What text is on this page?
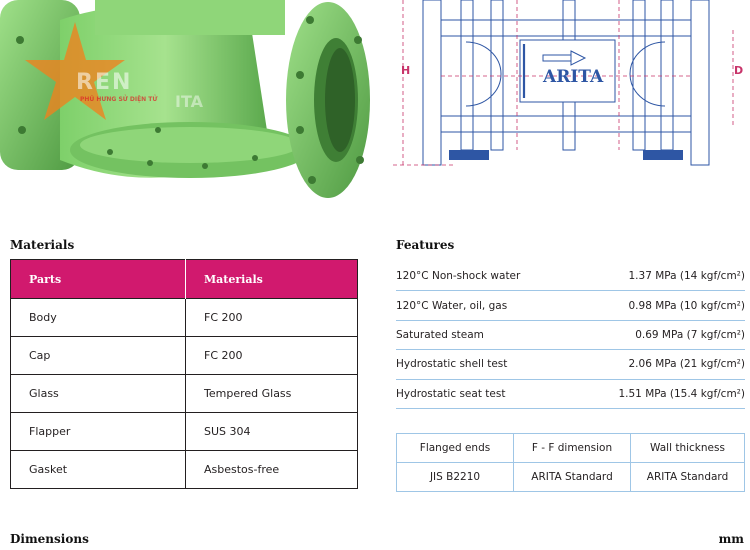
REN
PHÚ HƯNG SỬ DIỆN TỬ ITA
ARITA
H	D
Materials
Parts	Materials
Body	FC 200
Cap	FC 200
Glass	Tempered Glass
Flapper	SUS 304
Gasket	Asbestos-free
Features
120°C Non-shock water	1.37 MPa (14 kgf/cm²)
120°C Water, oil, gas	0.98 MPa (10 kgf/cm²)
Saturated steam	0.69 MPa (7 kgf/cm²)
Hydrostatic shell test	2.06 MPa (21 kgf/cm²)
Hydrostatic seat test	1.51 MPa (15.4 kgf/cm²)
Flanged ends	F - F dimension	Wall thickness
JIS B2210	ARITA Standard	ARITA Standard
Dimensions	mm
